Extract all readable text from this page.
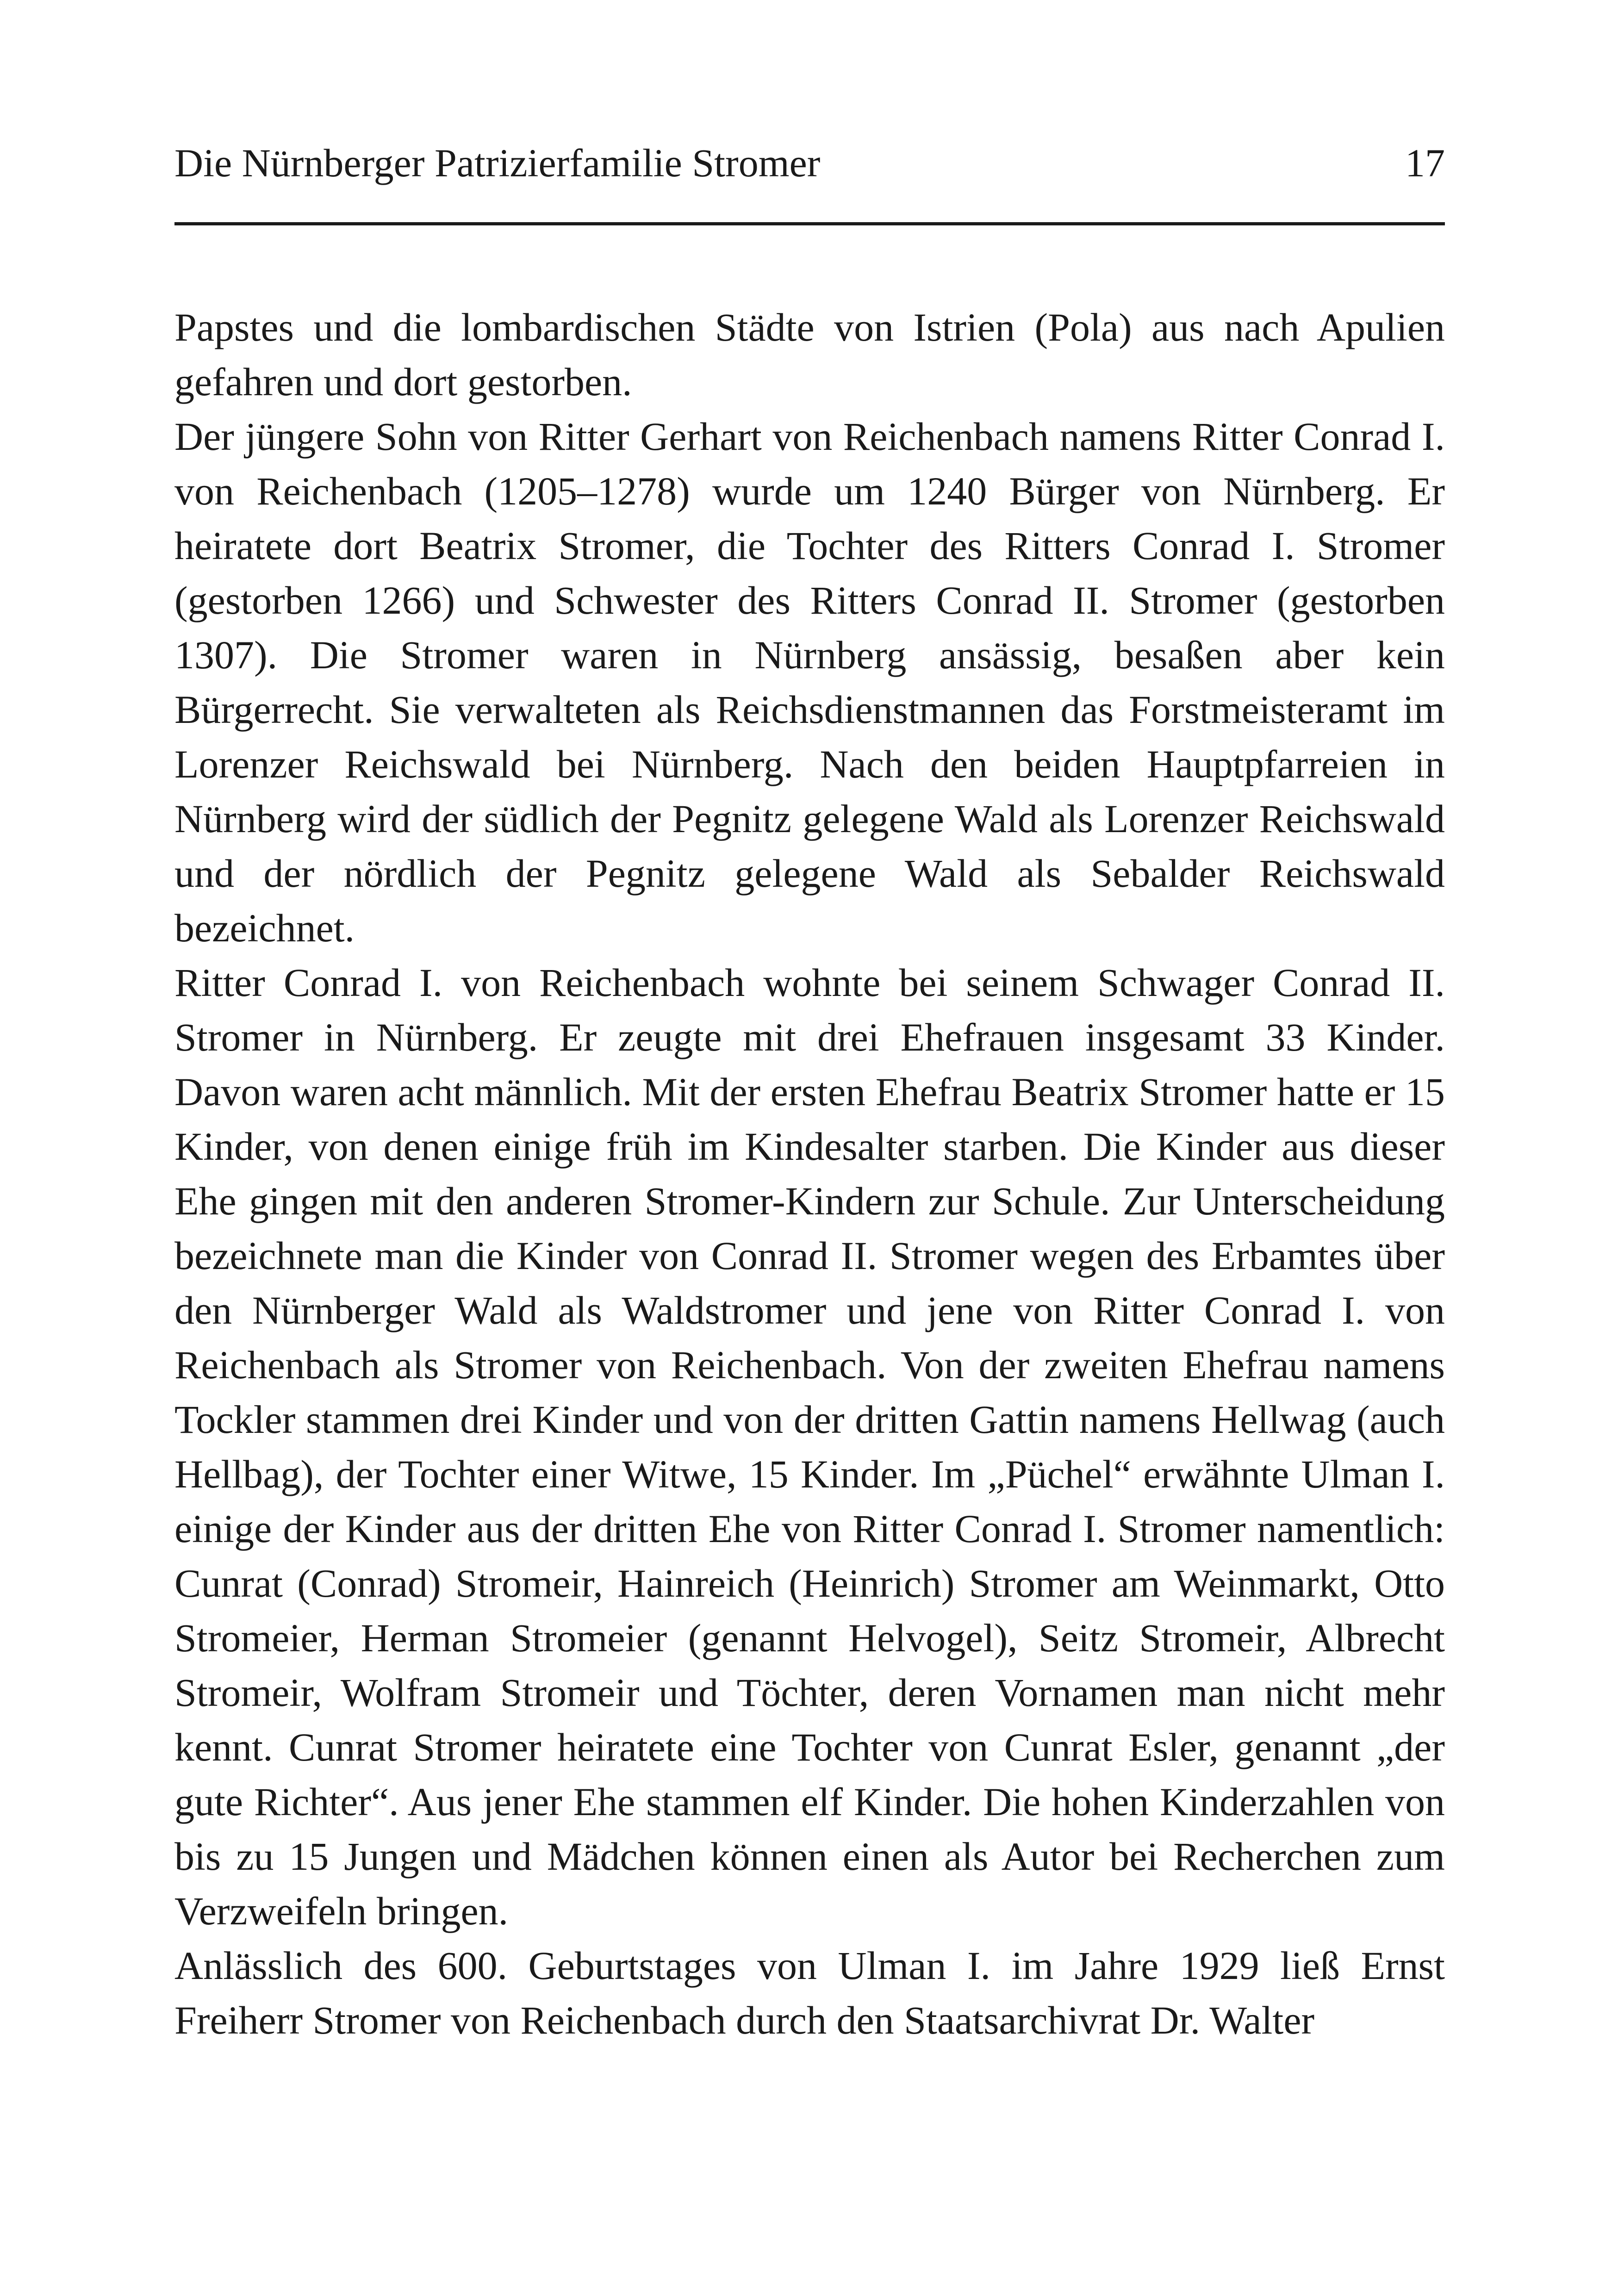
Die Nürnberger Patrizierfamilie Stromer	17

Papstes und die lombardischen Städte von Istrien (Pola) aus nach Apulien gefahren und dort gestorben.

Der jüngere Sohn von Ritter Gerhart von Reichenbach namens Ritter Conrad I. von Reichenbach (1205–1278) wurde um 1240 Bürger von Nürnberg. Er heiratete dort Beatrix Stromer, die Tochter des Ritters Conrad I. Stromer (gestorben 1266) und Schwester des Ritters Conrad II. Stromer (gestorben 1307). Die Stromer waren in Nürnberg ansässig, besaßen aber kein Bürgerrecht. Sie verwalteten als Reichsdienstmannen das Forstmeisteramt im Lorenzer Reichswald bei Nürnberg. Nach den beiden Hauptpfarreien in Nürnberg wird der südlich der Pegnitz gelegene Wald als Lorenzer Reichswald und der nördlich der Pegnitz gelegene Wald als Sebalder Reichswald bezeichnet.

Ritter Conrad I. von Reichenbach wohnte bei seinem Schwager Conrad II. Stromer in Nürnberg. Er zeugte mit drei Ehefrauen insgesamt 33 Kinder. Davon waren acht männlich. Mit der ersten Ehefrau Beatrix Stromer hatte er 15 Kinder, von denen einige früh im Kindesalter starben. Die Kinder aus dieser Ehe gingen mit den anderen Stromer-Kindern zur Schule. Zur Unterscheidung bezeichnete man die Kinder von Conrad II. Stromer wegen des Erbamtes über den Nürnberger Wald als Waldstromer und jene von Ritter Conrad I. von Reichenbach als Stromer von Reichenbach. Von der zweiten Ehefrau namens Tockler stammen drei Kinder und von der dritten Gattin namens Hellwag (auch Hellbag), der Tochter einer Witwe, 15 Kinder. Im „Püchel“ erwähnte Ulman I. einige der Kinder aus der dritten Ehe von Ritter Conrad I. Stromer namentlich: Cunrat (Conrad) Stromeir, Hainreich (Heinrich) Stromer am Weinmarkt, Otto Stromeier, Herman Stromeier (genannt Helvogel), Seitz Stromeir, Albrecht Stromeir, Wolfram Stromeir und Töchter, deren Vornamen man nicht mehr kennt. Cunrat Stromer heiratete eine Tochter von Cunrat Esler, genannt „der gute Richter“. Aus jener Ehe stammen elf Kinder. Die hohen Kinderzahlen von bis zu 15 Jungen und Mädchen können einen als Autor bei Recherchen zum Verzweifeln bringen.

Anlässlich des 600. Geburtstages von Ulman I. im Jahre 1929 ließ Ernst Freiherr Stromer von Reichenbach durch den Staatsarchivrat Dr. Walter
